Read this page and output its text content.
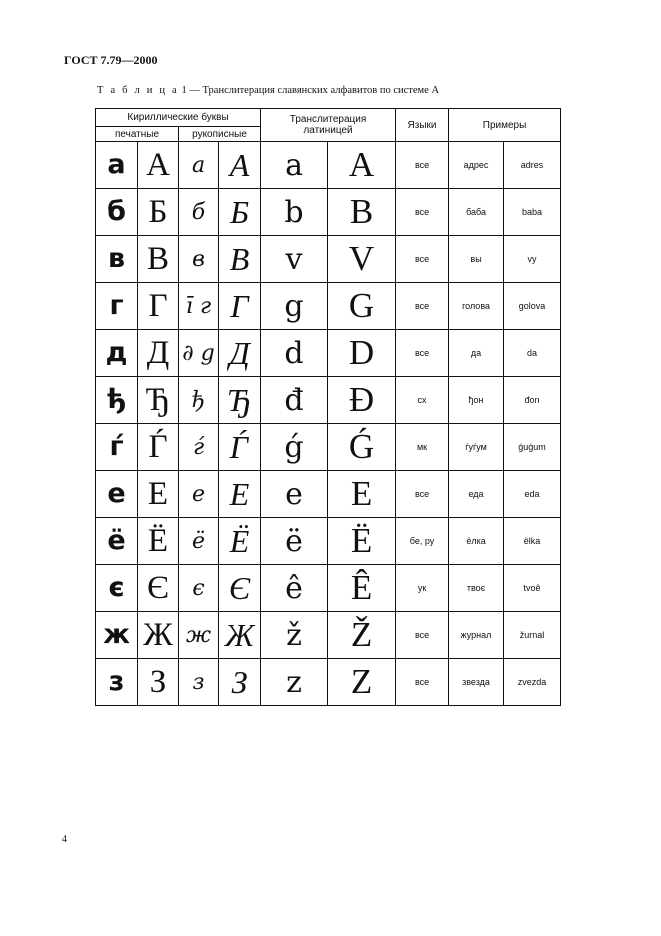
ГОСТ 7.79—2000
Т а б л и ц а 1 — Транслитерация славянских алфавитов по системе А
Кириллические буквы				Транслитерация
латиницей		Языки	Примеры	
печатные		рукописные						
а	А	а	А	a	A	все	адрес	adres
б	Б	б	Б	b	B	все	баба	baba
в	В	в	В	v	V	все	вы	vy
г	Г	ī г	Г	g	G	все	голова	golova
д	Д	∂ g	Д	d	D	все	да	da
ђ	Ђ	ђ	Ђ	đ	Đ	сх	ђон	đon
ѓ	Ѓ	ѓ	Ѓ	ǵ	Ǵ	мк	ѓуѓум	ǵuǵum
е	Е	е	Е	e	E	все	еда	eda
ё	Ё	ё	Ё	ë	Ë	бе, ру	ёлка	ëlka
є	Є	є	Є	ê	Ê	ук	твоє	tvoê
ж	Ж	ж	Ж	ž	Ž	все	журнал	žurnal
з	З	з	З	z	Z	все	звезда	zvezda
4
